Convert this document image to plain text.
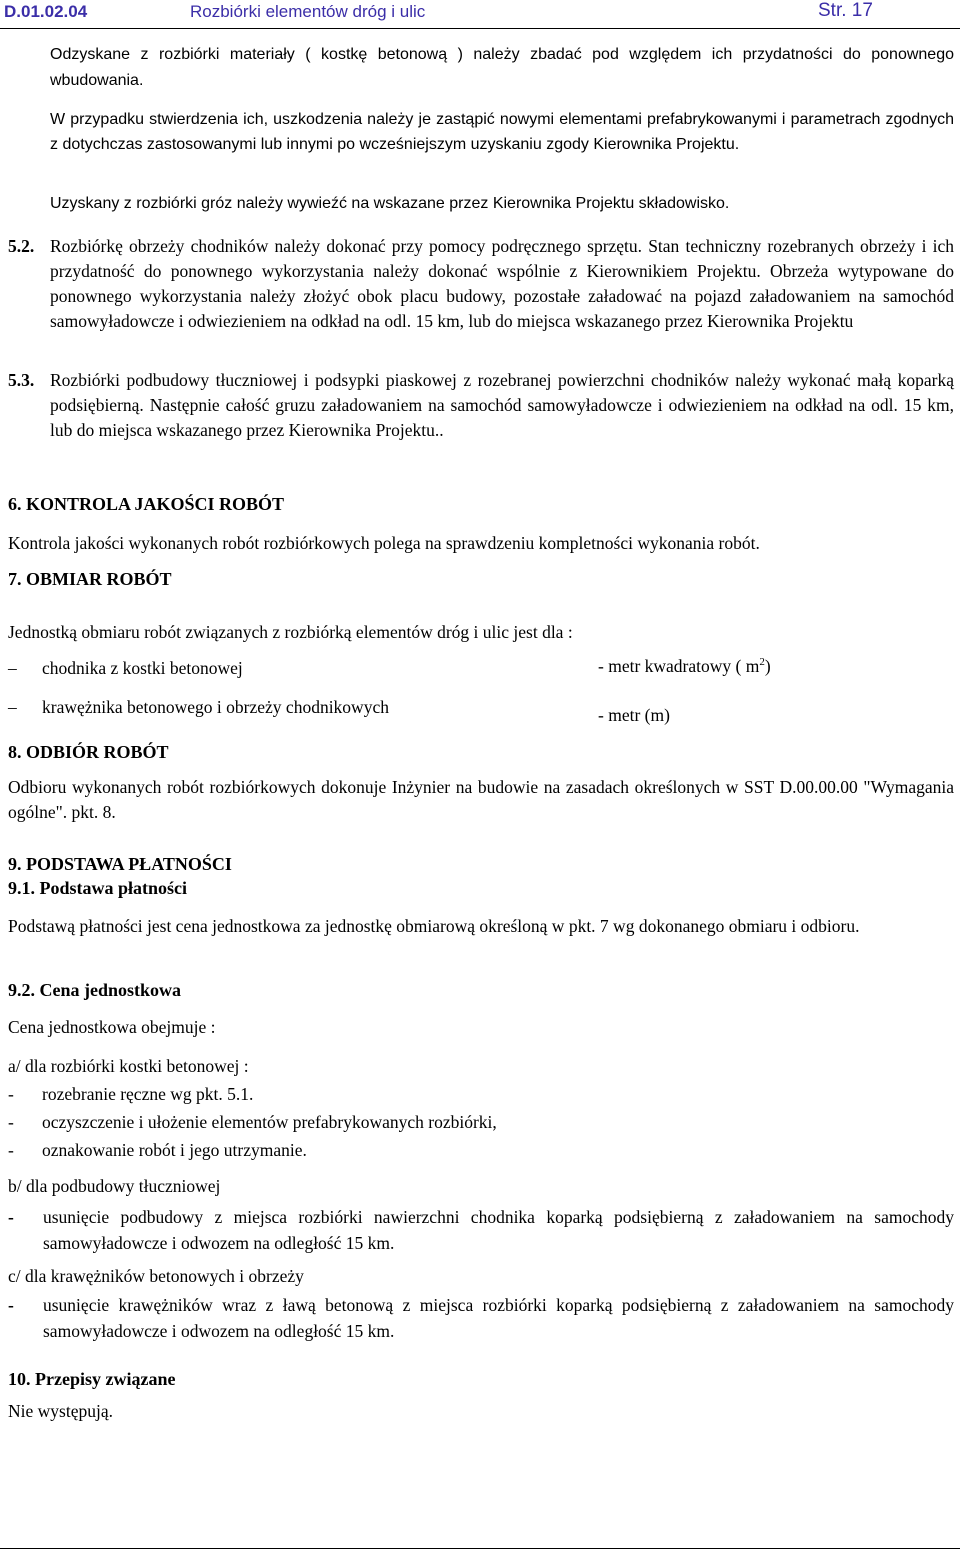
D.01.02.04	Rozbiórki elementów dróg i ulic	Str. 17

Odzyskane z rozbiórki materiały ( kostkę betonową ) należy zbadać pod względem ich przydatności do ponownego wbudowania.

W przypadku stwierdzenia ich, uszkodzenia należy je zastąpić nowymi elementami prefabrykowanymi i parametrach zgodnych z dotychczas zastosowanymi lub innymi po wcześniejszym uzyskaniu zgody Kierownika Projektu.

Uzyskany z rozbiórki gróz należy wywieźć na wskazane przez Kierownika Projektu składowisko.

5.2. Rozbiórkę obrzeży chodników należy dokonać przy pomocy podręcznego sprzętu. Stan techniczny rozebranych obrzeży i ich przydatność do ponownego wykorzystania należy dokonać wspólnie z Kierownikiem Projektu. Obrzeża wytypowane do ponownego wykorzystania należy złożyć obok placu budowy, pozostałe załadować na pojazd załadowaniem na samochód samowyładowcze i odwiezieniem na odkład na odl. 15 km, lub do miejsca wskazanego przez Kierownika Projektu

5.3. Rozbiórki podbudowy tłuczniowej i podsypki piaskowej z rozebranej powierzchni chodników należy wykonać małą koparką podsiębierną. Następnie całość gruzu załadowaniem na samochód samowyładowcze i odwiezieniem na odkład na odl. 15 km, lub do miejsca wskazanego przez Kierownika Projektu..

6. KONTROLA JAKOŚCI ROBÓT

Kontrola jakości wykonanych robót rozbiórkowych polega na sprawdzeniu kompletności wykonania robót.

7. OBMIAR ROBÓT

Jednostką obmiaru robót związanych z rozbiórką elementów dróg i ulic jest dla :

– chodnika z kostki betonowej	- metr kwadratowy ( $m^2$)
– krawężnika betonowego i obrzeży chodnikowych	- metr (m)
8. ODBIÓR ROBÓT

Odbioru wykonanych robót rozbiórkowych dokonuje Inżynier na budowie na zasadach określonych w SST D.00.00.00 "Wymagania ogólne". pkt. 8.

9. PODSTAWA PŁATNOŚCI
9.1. Podstawa płatności

Podstawą płatności jest cena jednostkowa za jednostkę obmiarową określoną w pkt. 7 wg dokonanego obmiaru i odbioru.

9.2. Cena jednostkowa

Cena jednostkowa obejmuje :

a/ dla rozbiórki kostki betonowej :

- rozebranie ręczne wg pkt. 5.1.
- oczyszczenie i ułożenie elementów prefabrykowanych rozbiórki,
- oznakowanie robót i jego utrzymanie.

b/ dla podbudowy tłuczniowej

- usunięcie podbudowy z miejsca rozbiórki nawierzchni chodnika koparką podsiębierną z załadowaniem na samochody samowyładowcze i odwozem na odległość 15 km.

c/ dla krawężników betonowych i obrzeży

- usunięcie krawężników wraz z ławą betonową z miejsca rozbiórki koparką podsiębierną z załadowaniem na samochody samowyładowcze i odwozem na odległość 15 km.
10. Przepisy związane

Nie występują.
